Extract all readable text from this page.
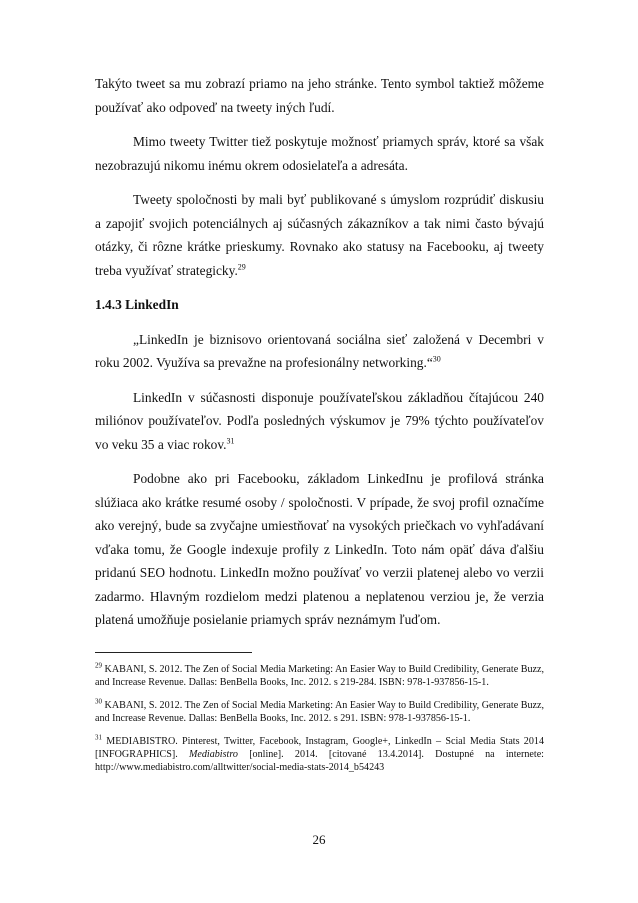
Takýto tweet sa mu zobrazí priamo na jeho stránke. Tento symbol taktiež môžeme používať ako odpoveď na tweety iných ľudí.

Mimo tweety Twitter tiež poskytuje možnosť priamych správ, ktoré sa však nezobrazujú nikomu inému okrem odosielateľa a adresáta.

Tweety spoločnosti by mali byť publikované s úmyslom rozprúdiť diskusiu a zapojiť svojich potenciálnych aj súčasných zákazníkov a tak nimi často bývajú otázky, či rôzne krátke prieskumy. Rovnako ako statusy na Facebooku, aj tweety treba využívať strategicky.$^{29}$

1.4.3 LinkedIn

„LinkedIn je biznisovo orientovaná sociálna sieť založená v Decembri v roku 2002. Využíva sa prevažne na profesionálny networking.“$^{30}$

LinkedIn v súčasnosti disponuje používateľskou základňou čítajúcou 240 miliónov používateľov. Podľa posledných výskumov je 79% týchto používateľov vo veku 35 a viac rokov.$^{31}$

Podobne ako pri Facebooku, základom LinkedInu je profilová stránka slúžiaca ako krátke resumé osoby / spoločnosti. V prípade, že svoj profil označíme ako verejný, bude sa zvyčajne umiestňovať na vysokých priečkach vo vyhľadávaní vďaka tomu, že Google indexuje profily z LinkedIn. Toto nám opäť dáva ďalšiu pridanú SEO hodnotu. LinkedIn možno používať vo verzii platenej alebo vo verzii zadarmo. Hlavným rozdielom medzi platenou a neplatenou verziou je, že verzia platená umožňuje posielanie priamych správ neznámym ľuďom.

$^{29}$ KABANI, S. 2012. The Zen of Social Media Marketing: An Easier Way to Build Credibility, Generate Buzz, and Increase Revenue. Dallas: BenBella Books, Inc. 2012. s 219-284. ISBN: 978-1-937856-15-1.

$^{30}$ KABANI, S. 2012. The Zen of Social Media Marketing: An Easier Way to Build Credibility, Generate Buzz, and Increase Revenue. Dallas: BenBella Books, Inc. 2012. s 291. ISBN: 978-1-937856-15-1.

$^{31}$ MEDIABISTRO. Pinterest, Twitter, Facebook, Instagram, Google+, LinkedIn – Scial Media Stats 2014 [INFOGRAPHICS]. Mediabistro [online]. 2014. [citované 13.4.2014]. Dostupné na internete: http://www.mediabistro.com/alltwitter/social-media-stats-2014_b54243

26
